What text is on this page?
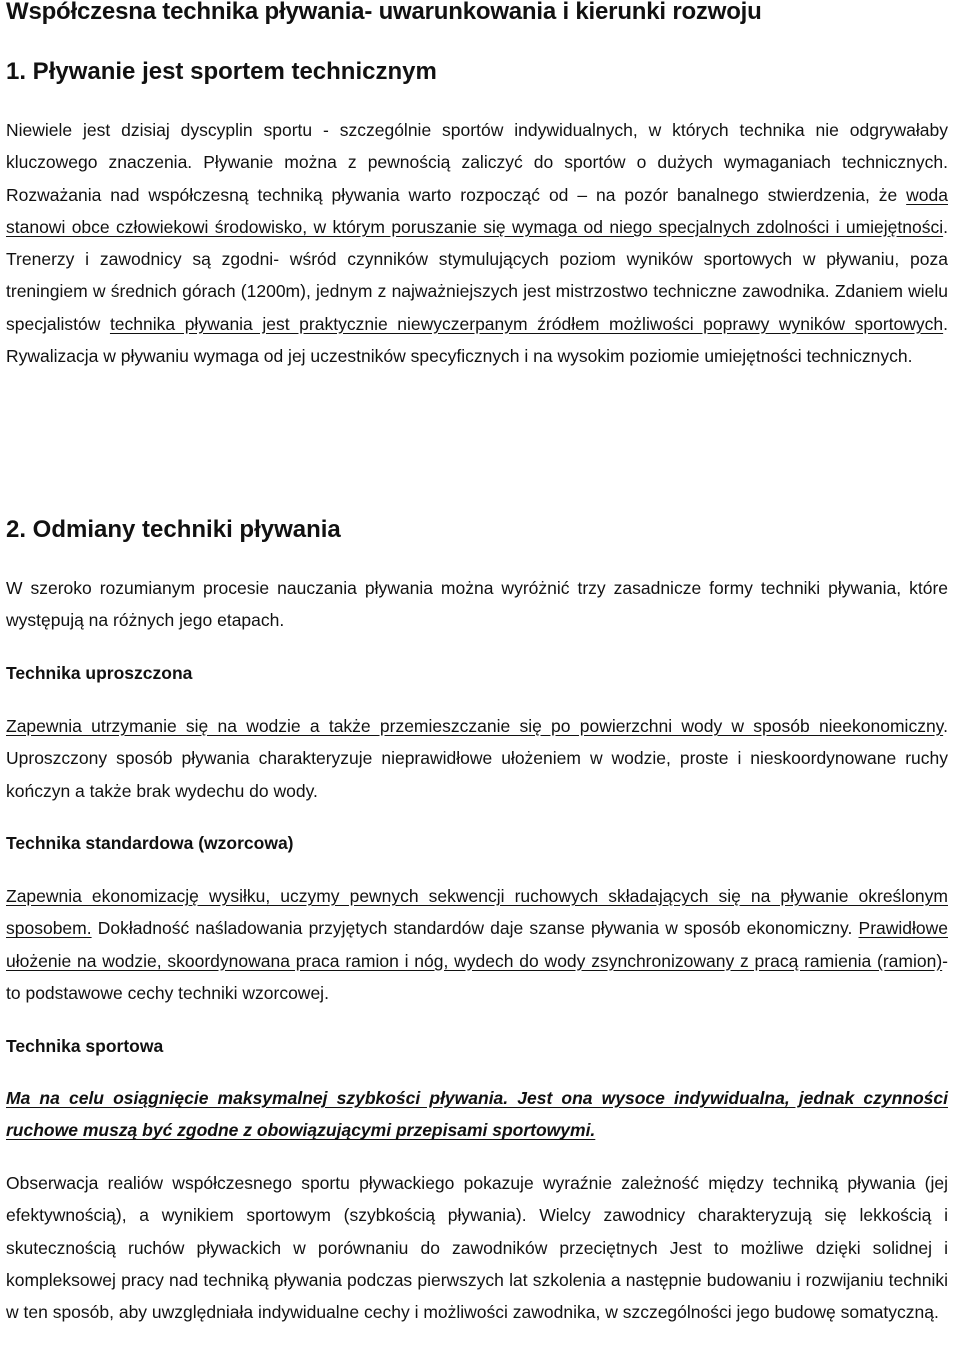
Współczesna technika pływania- uwarunkowania i kierunki rozwoju
1. Pływanie jest sportem technicznym

Niewiele jest dzisiaj dyscyplin sportu - szczególnie sportów indywidualnych, w których technika nie odgrywałaby kluczowego znaczenia. Pływanie można z pewnością zaliczyć do sportów o dużych wymaganiach technicznych. Rozważania nad współczesną techniką pływania warto rozpocząć od – na pozór banalnego stwierdzenia, że woda stanowi obce człowiekowi środowisko, w którym poruszanie się wymaga od niego specjalnych zdolności i umiejętności. Trenerzy i zawodnicy są zgodni- wśród czynników stymulujących poziom wyników sportowych w pływaniu, poza treningiem w średnich górach (1200m), jednym z najważniejszych jest mistrzostwo techniczne zawodnika. Zdaniem wielu specjalistów technika pływania jest praktycznie niewyczerpanym źródłem możliwości poprawy wyników sportowych. Rywalizacja w pływaniu wymaga od jej uczestników specyficznych i na wysokim poziomie umiejętności technicznych.

2. Odmiany techniki pływania

W szeroko rozumianym procesie nauczania pływania można wyróżnić trzy zasadnicze formy techniki pływania, które występują na różnych jego etapach.

Technika uproszczona

Zapewnia utrzymanie się na wodzie a także przemieszczanie się po powierzchni wody w sposób nieekonomiczny. Uproszczony sposób pływania charakteryzuje nieprawidłowe ułożeniem w wodzie, proste i nieskoordynowane ruchy kończyn a także brak wydechu do wody.

Technika standardowa (wzorcowa)

Zapewnia ekonomizację wysiłku, uczymy pewnych sekwencji ruchowych składających się na pływanie określonym sposobem. Dokładność naśladowania przyjętych standardów daje szanse pływania w sposób ekonomiczny. Prawidłowe ułożenie na wodzie, skoordynowana praca ramion i nóg, wydech do wody zsynchronizowany z pracą ramienia (ramion)- to podstawowe cechy techniki wzorcowej.

Technika sportowa

Ma na celu osiągnięcie maksymalnej szybkości pływania. Jest ona wysoce indywidualna, jednak czynności ruchowe muszą być zgodne z obowiązującymi przepisami sportowymi.

Obserwacja realiów współczesnego sportu pływackiego pokazuje wyraźnie zależność między techniką pływania (jej efektywnością), a wynikiem sportowym (szybkością pływania). Wielcy zawodnicy charakteryzują się lekkością i skutecznością ruchów pływackich w porównaniu do zawodników przeciętnych Jest to możliwe dzięki solidnej i kompleksowej pracy nad techniką pływania podczas pierwszych lat szkolenia a następnie budowaniu i rozwijaniu techniki w ten sposób, aby uwzględniała indywidualne cechy i możliwości zawodnika, w szczególności jego budowę somatyczną.
